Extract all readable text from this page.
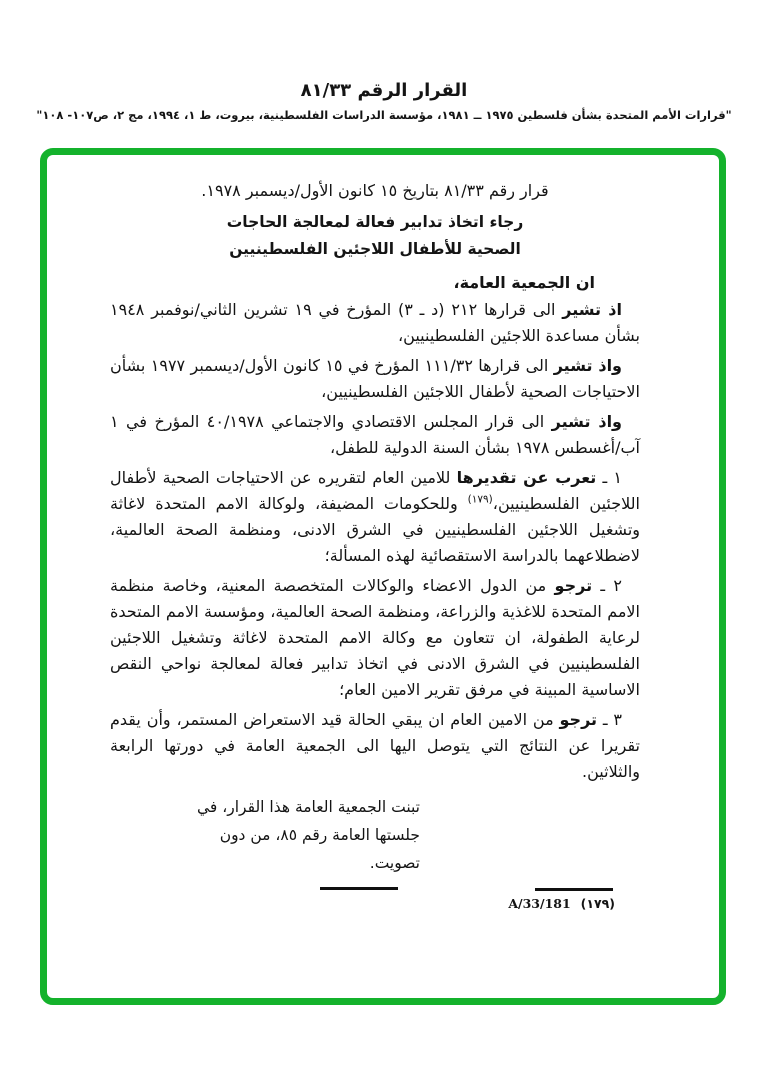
القرار الرقم ٨١/٣٣
"قرارات الأمم المتحدة بشأن فلسطين ١٩٧٥ ــ ١٩٨١، مؤسسة الدراسات الفلسطينية، بيروت، ط ١، ١٩٩٤، مج ٢، ص١٠٧- ١٠٨"
قرار رقم ٨١/٣٣ بتاريخ ١٥ كانون الأول/ديسمبر ١٩٧٨.
رجاء اتخاذ تدابير فعالة لمعالجة الحاجات
الصحية للأطفال اللاجئين الفلسطينيين
ان الجمعية العامة،

اذ تشير الى قرارها ٢١٢ (د ـ ٣) المؤرخ في ١٩ تشرين الثاني/نوفمبر ١٩٤٨ بشأن مساعدة اللاجئين الفلسطينيين،

واذ تشير الى قرارها ١١١/٣٢ المؤرخ في ١٥ كانون الأول/ديسمبر ١٩٧٧ بشأن الاحتياجات الصحية لأطفال اللاجئين الفلسطينيين،

واذ تشير الى قرار المجلس الاقتصادي والاجتماعي ٤٠/١٩٧٨ المؤرخ في ١ آب/أغسطس ١٩٧٨ بشأن السنة الدولية للطفل،

١ ـ تعرب عن تقديرها للامين العام لتقريره عن الاحتياجات الصحية لأطفال اللاجئين الفلسطينيين،$^{(١٧٩)}$ وللحكومات المضيفة، ولوكالة الامم المتحدة لاغاثة وتشغيل اللاجئين الفلسطينيين في الشرق الادنى، ومنظمة الصحة العالمية، لاضطلاعهما بالدراسة الاستقصائية لهذه المسألة؛

٢ ـ ترجو من الدول الاعضاء والوكالات المتخصصة المعنية، وخاصة منظمة الامم المتحدة للاغذية والزراعة، ومنظمة الصحة العالمية، ومؤسسة الامم المتحدة لرعاية الطفولة، ان تتعاون مع وكالة الامم المتحدة لاغاثة وتشغيل اللاجئين الفلسطينيين في الشرق الادنى في اتخاذ تدابير فعالة لمعالجة نواحي النقص الاساسية المبينة في مرفق تقرير الامين العام؛

٣ ـ ترجو من الامين العام ان يبقي الحالة قيد الاستعراض المستمر، وأن يقدم تقريرا عن النتائج التي يتوصل اليها الى الجمعية العامة في دورتها الرابعة والثلاثين.

تبنت الجمعية العامة هذا القرار، في
جلستها العامة رقم ٨٥، من دون
تصويت.
A/33/181 (١٧٩)
